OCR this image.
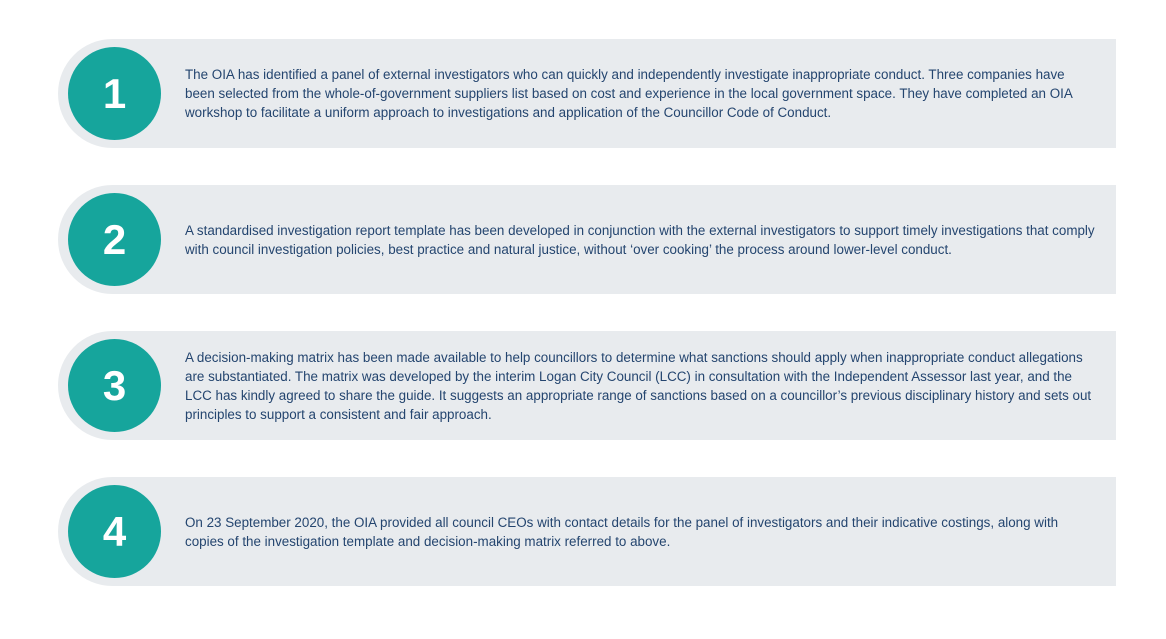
1	The OIA has identified a panel of external investigators who can quickly and independently investigate inappropriate conduct. Three companies have been selected from the whole-of-government suppliers list based on cost and experience in the local government space. They have completed an OIA workshop to facilitate a uniform approach to investigations and application of the Councillor Code of Conduct.
2	A standardised investigation report template has been developed in conjunction with the external investigators to support timely investigations that comply with council investigation policies, best practice and natural justice, without ‘over cooking’ the process around lower-level conduct.
3
A decision-making matrix has been made available to help councillors to determine what sanctions should apply when inappropriate conduct allegations are substantiated. The matrix was developed by the interim Logan City Council (LCC) in consultation with the Independent Assessor last year, and the LCC has kindly agreed to share the guide. It suggests an appropriate range of sanctions based on a councillor’s previous disciplinary history and sets out principles to support a consistent and fair approach.
4	On 23 September 2020, the OIA provided all council CEOs with contact details for the panel of investigators and their indicative costings, along with copies of the investigation template and decision-making matrix referred to above.
